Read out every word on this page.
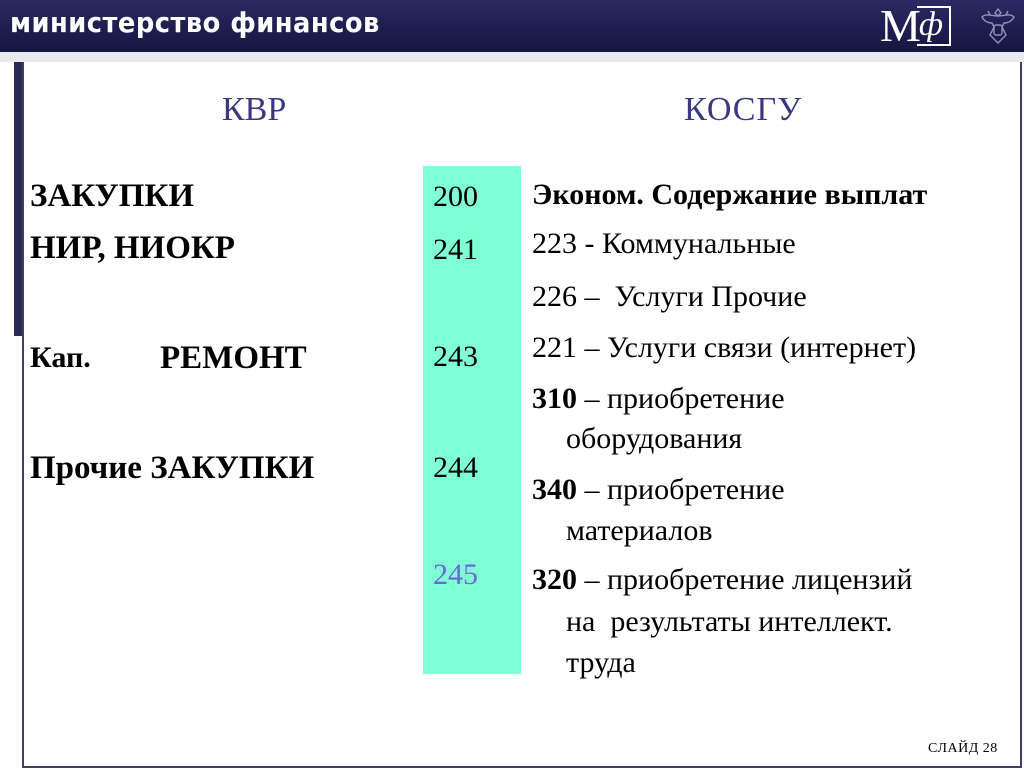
министерство финансов	М
ф
КВР	КОСГУ
ЗАКУПКИ
НИР, НИОКР
Кап. РЕМОНТ
Прочие ЗАКУПКИ
200
241
243
244
245
Эконом. Содержание выплат
223 - Коммунальные
226 –  Услуги Прочие
221 – Услуги связи (интернет)
310 – приобретение
оборудования
340 – приобретение
материалов
320 – приобретение лицензий
на  результаты интеллект.
труда
СЛАЙД 28
